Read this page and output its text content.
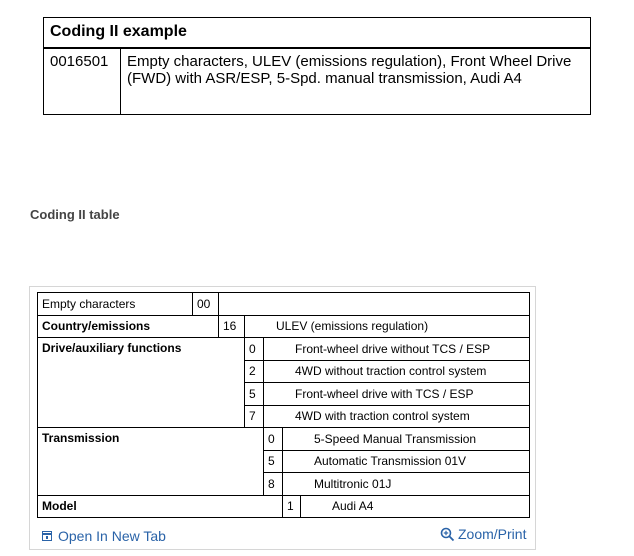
Coding II example
0016501	Empty characters, ULEV (emissions regulation), Front Wheel Drive (FWD) with ASR/ESP, 5-Spd. manual transmission, Audi A4
Coding II table
Empty characters	00					
Country/emissions		16	ULEV (emissions regulation)			
Drive/auxiliary functions			0	Front-wheel drive without TCS / ESP		
			2	4WD without traction control system		
			5	Front-wheel drive with TCS / ESP		
			7	4WD with traction control system		
Transmission				0	5-Speed Manual Transmission	
				5	Automatic Transmission 01V	
				8	Multitronic 01J	
Model					1	Audi A4
Open In New Tab	Zoom/Print
